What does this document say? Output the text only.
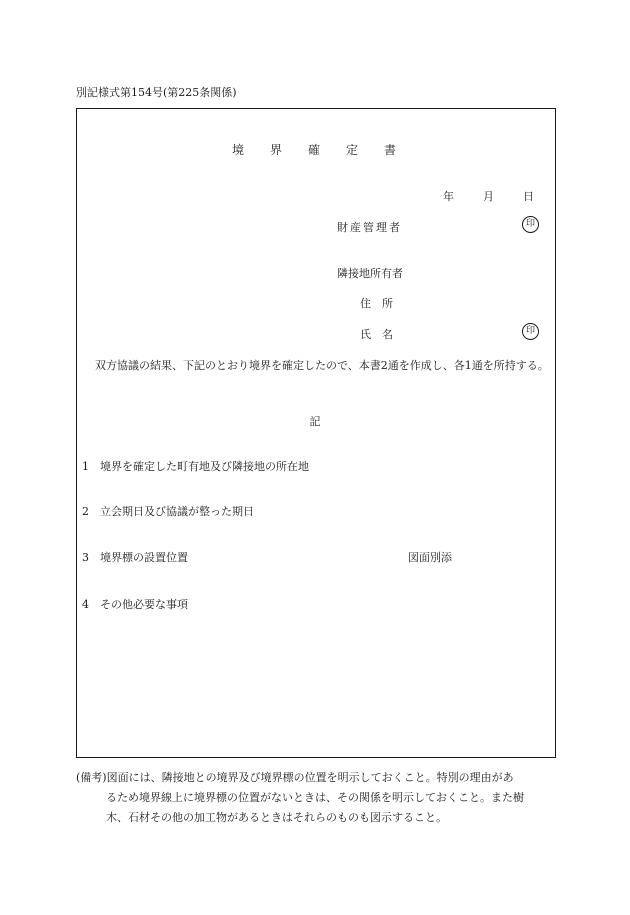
別記様式第154号(第225条関係)
境界確定書
年	月	日
財産管理者	印
隣接地所有者
住　所
氏　名	印
双方協議の結果、下記のとおり境界を確定したので、本書2通を作成し、各1通を所持する。
記
1 境界を確定した町有地及び隣接地の所在地
2 立会期日及び協議が整った期日
3 境界標の設置位置	図面別添
4 その他必要な事項
(備考)図面には、隣接地との境界及び境界標の位置を明示しておくこと。特別の理由があ
るため境界線上に境界標の位置がないときは、その関係を明示しておくこと。また樹
木、石材その他の加工物があるときはそれらのものも図示すること。
